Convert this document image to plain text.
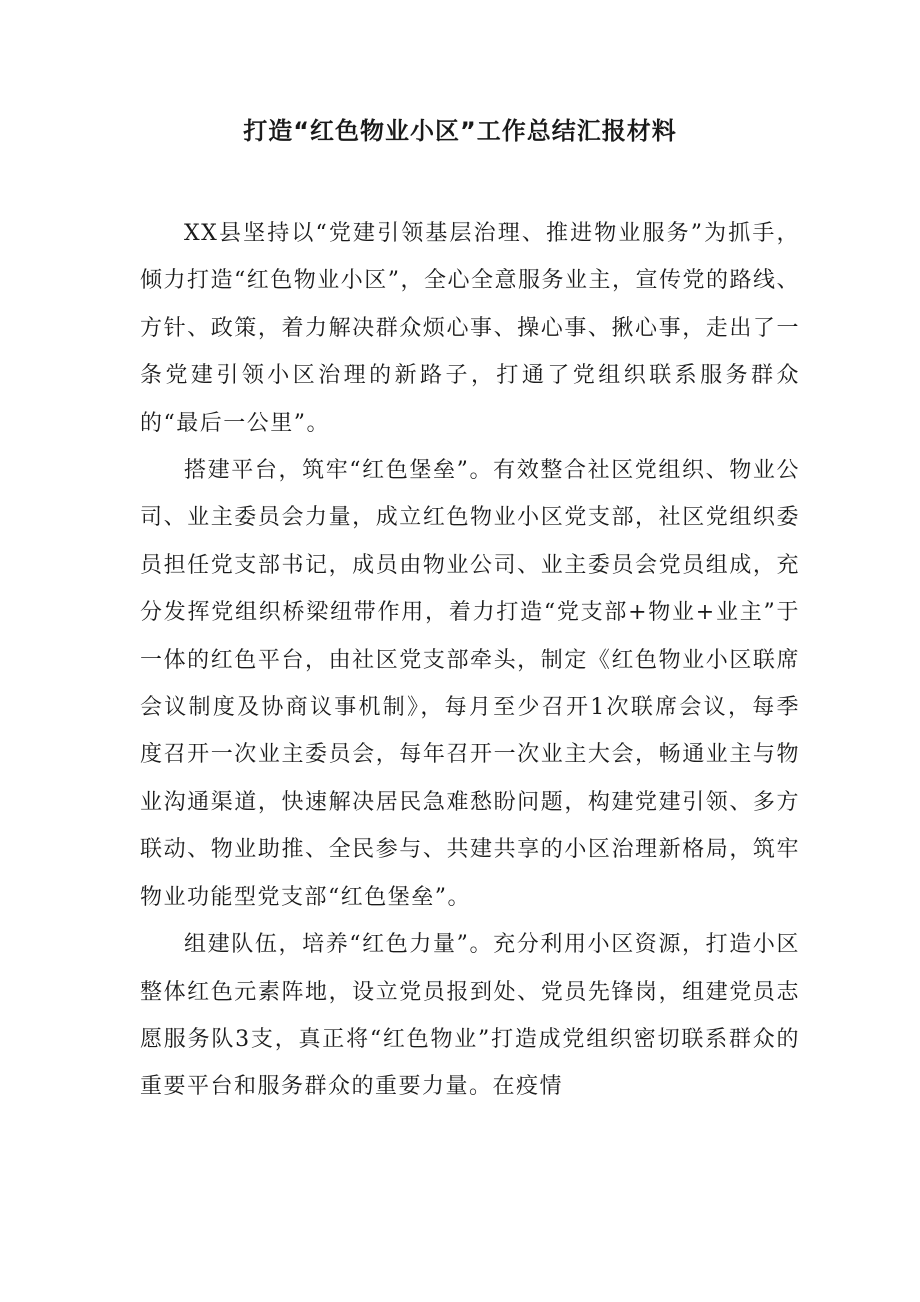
打造“红色物业小区”工作总结汇报材料

XX县坚持以“党建引领基层治理、推进物业服务”为抓手，倾力打造“红色物业小区”，全心全意服务业主，宣传党的路线、方针、政策，着力解决群众烦心事、操心事、揪心事，走出了一条党建引领小区治理的新路子，打通了党组织联系服务群众的“最后一公里”。

搭建平台，筑牢“红色堡垒”。有效整合社区党组织、物业公司、业主委员会力量，成立红色物业小区党支部，社区党组织委员担任党支部书记，成员由物业公司、业主委员会党员组成，充分发挥党组织桥梁纽带作用，着力打造“党支部+物业+业主”于一体的红色平台，由社区党支部牵头，制定《红色物业小区联席会议制度及协商议事机制》，每月至少召开1次联席会议，每季度召开一次业主委员会，每年召开一次业主大会，畅通业主与物业沟通渠道，快速解决居民急难愁盼问题，构建党建引领、多方联动、物业助推、全民参与、共建共享的小区治理新格局，筑牢物业功能型党支部“红色堡垒”。

组建队伍，培养“红色力量”。充分利用小区资源，打造小区整体红色元素阵地，设立党员报到处、党员先锋岗，组建党员志愿服务队3支，真正将“红色物业”打造成党组织密切联系群众的重要平台和服务群众的重要力量。在疫情
